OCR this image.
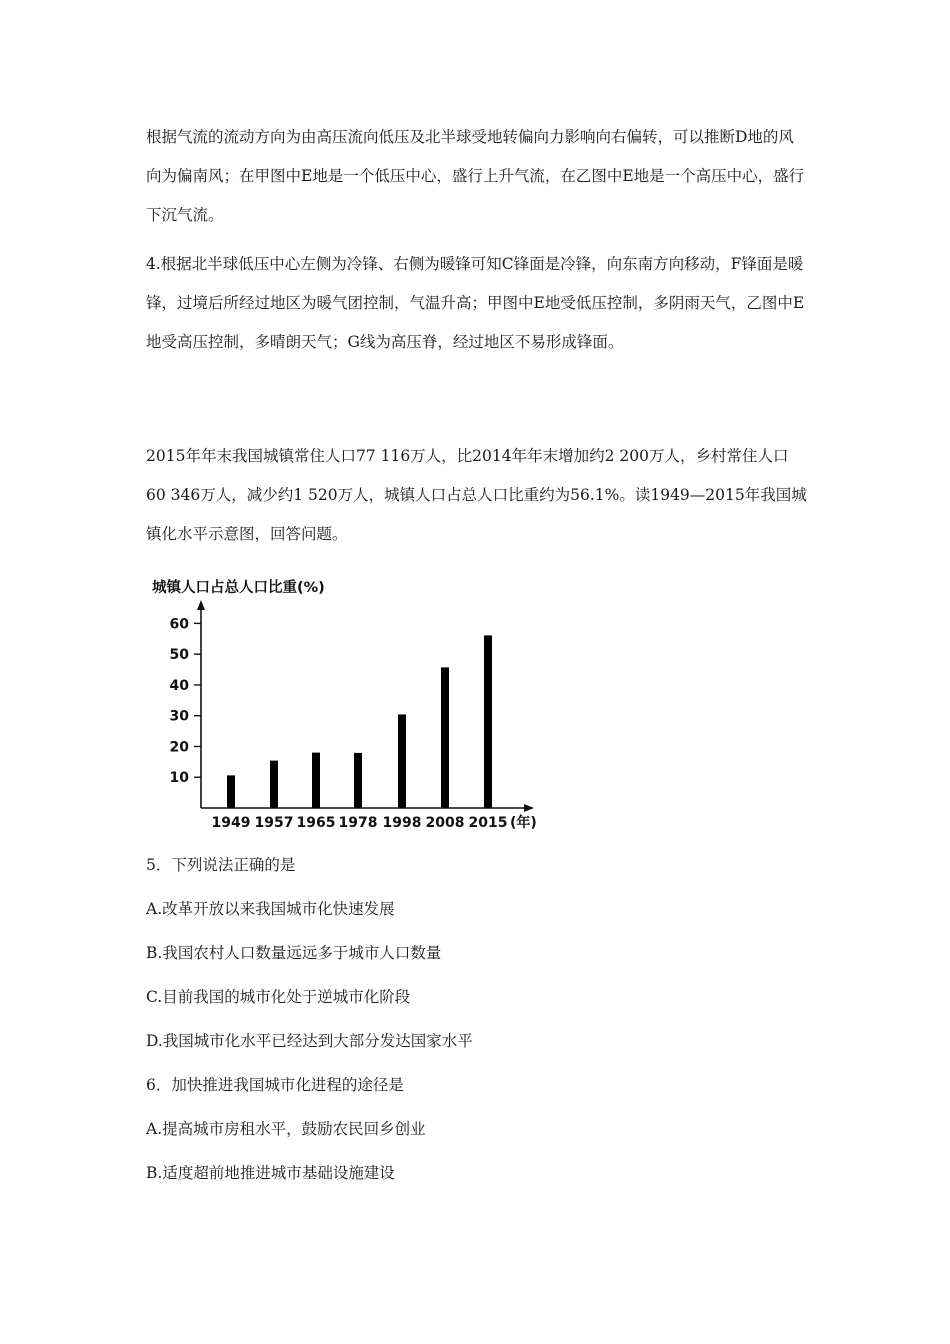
根据气流的流动方向为由高压流向低压及北半球受地转偏向力影响向右偏转，可以推断D地的风向为偏南风；在甲图中E地是一个低压中心，盛行上升气流，在乙图中E地是一个高压中心，盛行下沉气流。

4.根据北半球低压中心左侧为冷锋、右侧为暖锋可知C锋面是冷锋，向东南方向移动，F锋面是暖锋，过境后所经过地区为暖气团控制，气温升高；甲图中E地受低压控制，多阴雨天气，乙图中E地受高压控制，多晴朗天气；G线为高压脊，经过地区不易形成锋面。

2015年年末我国城镇常住人口77 116万人，比2014年年末增加约2 200万人，乡村常住人口60 346万人，减少约1 520万人，城镇人口占总人口比重约为56.1%。读1949—2015年我国城镇化水平示意图，回答问题。

城镇人口占总人口比重(%)
10
20
30
40
50
60
1949 1957 1965 1978 1998 2008 2015 (年)

5．下列说法正确的是

A.改革开放以来我国城市化快速发展

B.我国农村人口数量远远多于城市人口数量

C.目前我国的城市化处于逆城市化阶段

D.我国城市化水平已经达到大部分发达国家水平

6．加快推进我国城市化进程的途径是

A.提高城市房租水平，鼓励农民回乡创业

B.适度超前地推进城市基础设施建设
